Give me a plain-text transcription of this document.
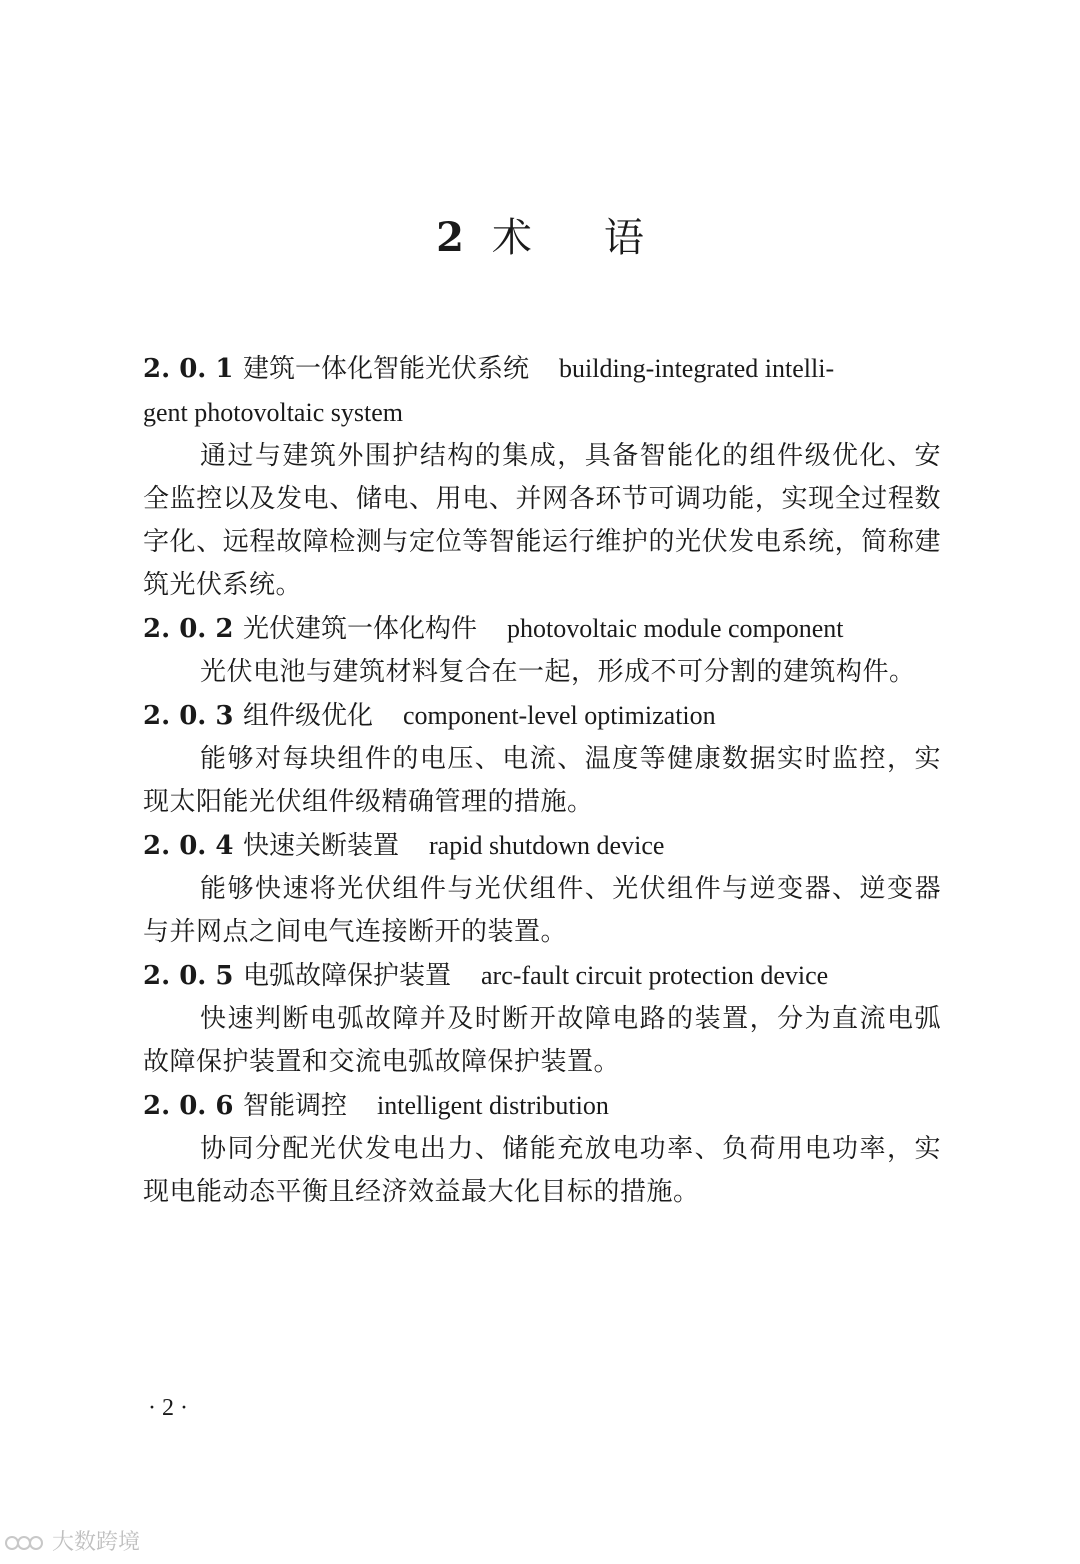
2 术 语
2. 0. 1 建筑一体化智能光伏系统 building-integrated intelli-
gent photovoltaic system
通过与建筑外围护结构的集成，具备智能化的组件级优化、安全监控以及发电、储电、用电、并网各环节可调功能，实现全过程数字化、远程故障检测与定位等智能运行维护的光伏发电系统，简称建筑光伏系统。
2. 0. 2 光伏建筑一体化构件 photovoltaic module component
光伏电池与建筑材料复合在一起，形成不可分割的建筑构件。
2. 0. 3 组件级优化 component-level optimization
能够对每块组件的电压、电流、温度等健康数据实时监控，实现太阳能光伏组件级精确管理的措施。
2. 0. 4 快速关断装置 rapid shutdown device
能够快速将光伏组件与光伏组件、光伏组件与逆变器、逆变器与并网点之间电气连接断开的装置。
2. 0. 5 电弧故障保护装置 arc-fault circuit protection device
快速判断电弧故障并及时断开故障电路的装置，分为直流电弧故障保护装置和交流电弧故障保护装置。
2. 0. 6 智能调控 intelligent distribution
协同分配光伏发电出力、储能充放电功率、负荷用电功率，实现电能动态平衡且经济效益最大化目标的措施。
· 2 ·
大数跨境
